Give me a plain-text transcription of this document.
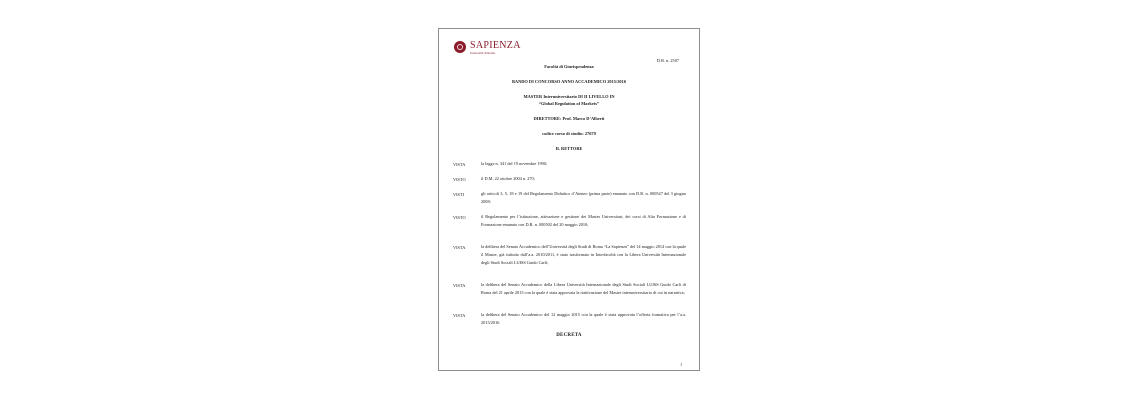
SAPIENZA
Università di Roma
D.R. n. 2507
Facoltà di Giurisprudenza
BANDO DI CONCORSO ANNO ACCADEMICO 2015/2016
MASTER Interuniversitario DI II LIVELLO IN
“Global Regulation of Markets”
DIRETTORE: Prof. Marco D’Alberti
codice corso di studio: 27679
IL RETTORE
VISTA	la legge n. 341 del 19 novembre 1990;
VISTO	il D.M. 22 ottobre 2004 n. 270;
VISTI	gli articoli 3, 5, 18 e 19 del Regolamento Didattico d’Ateneo (prima parte) emanato con D.R. n. 000547 del 3 giugno 2008;
VISTO	il Regolamento per l’istituzione, attivazione e gestione dei Master Universitari, dei corsi di Alta Formazione e di Formazione emanato con D.R. n. 000502 del 20 maggio 2010;
VISTA	la delibera del Senato Accademico dell’Università degli Studi di Roma “La Sapienza” del 14 maggio 2014 con la quale il Master, già istituito dall’a.a. 2010/2011, è stato trasformato in Interfacoltà con la Libera Università Internazionale degli Studi Sociali LUISS Guido Carli;
VISTA	la delibera del Senato Accademico della Libera Università Internazionale degli Studi Sociali LUISS Guido Carli di Roma del 21 aprile 2015 con la quale è stata approvata la riattivazione del Master interuniversitario di cui in narrativa;
VISTA	la delibera del Senato Accademico del 12 maggio 2015 con la quale è stata approvata l’offerta formativa per l’a.a. 2015/2016
DECRETA
1
